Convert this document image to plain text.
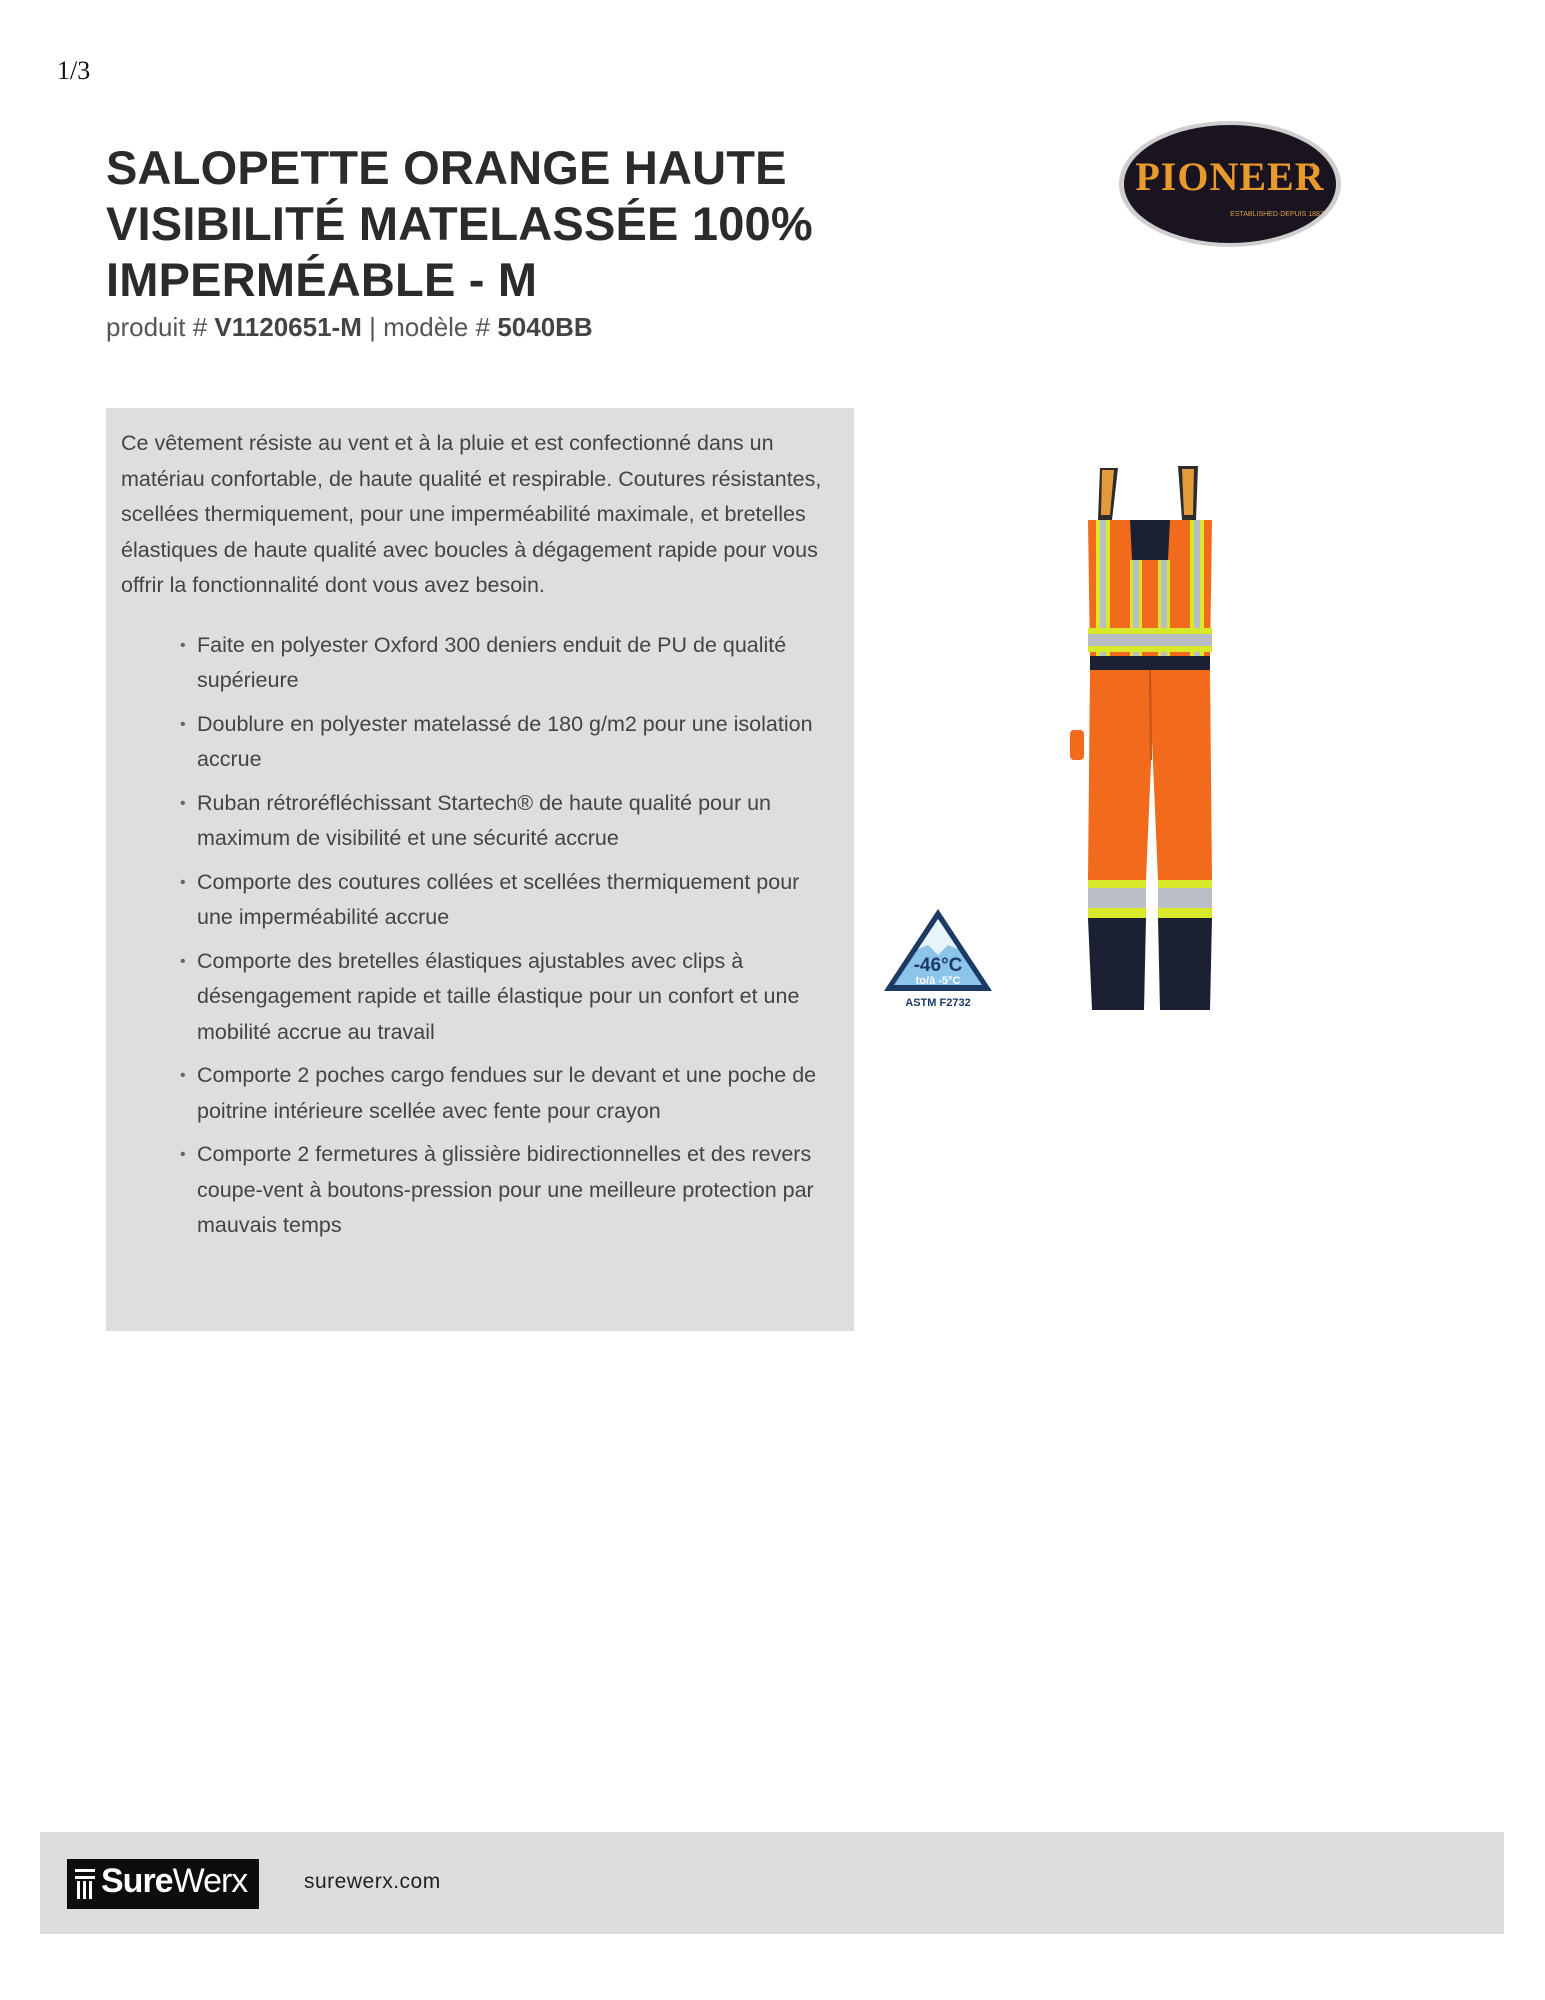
1/3
SALOPETTE ORANGE HAUTE
VISIBILITÉ MATELASSÉE 100%
IMPERMÉABLE - M
produit # V1120651-M | modèle # 5040BB
PIONEER
ESTABLISHED·DEPUIS 1887

Ce vêtement résiste au vent et à la pluie et est confectionné dans un matériau confortable, de haute qualité et respirable. Coutures résistantes, scellées thermiquement, pour une imperméabilité maximale, et bretelles élastiques de haute qualité avec boucles à dégagement rapide pour vous offrir la fonctionnalité dont vous avez besoin.

• Faite en polyester Oxford 300 deniers enduit de PU de qualité supérieure
• Doublure en polyester matelassé de 180 g/m2 pour une isolation accrue
• Ruban rétroréfléchissant Startech® de haute qualité pour un maximum de visibilité et une sécurité accrue
• Comporte des coutures collées et scellées thermiquement pour une imperméabilité accrue
• Comporte des bretelles élastiques ajustables avec clips à désengagement rapide et taille élastique pour un confort et une mobilité accrue au travail
• Comporte 2 poches cargo fendues sur le devant et une poche de poitrine intérieure scellée avec fente pour crayon
• Comporte 2 fermetures à glissière bidirectionnelles et des revers coupe-vent à boutons-pression pour une meilleure protection par mauvais temps
-46°C
to/à -5°C
ASTM F2732
SureWerx	surewerx.com
